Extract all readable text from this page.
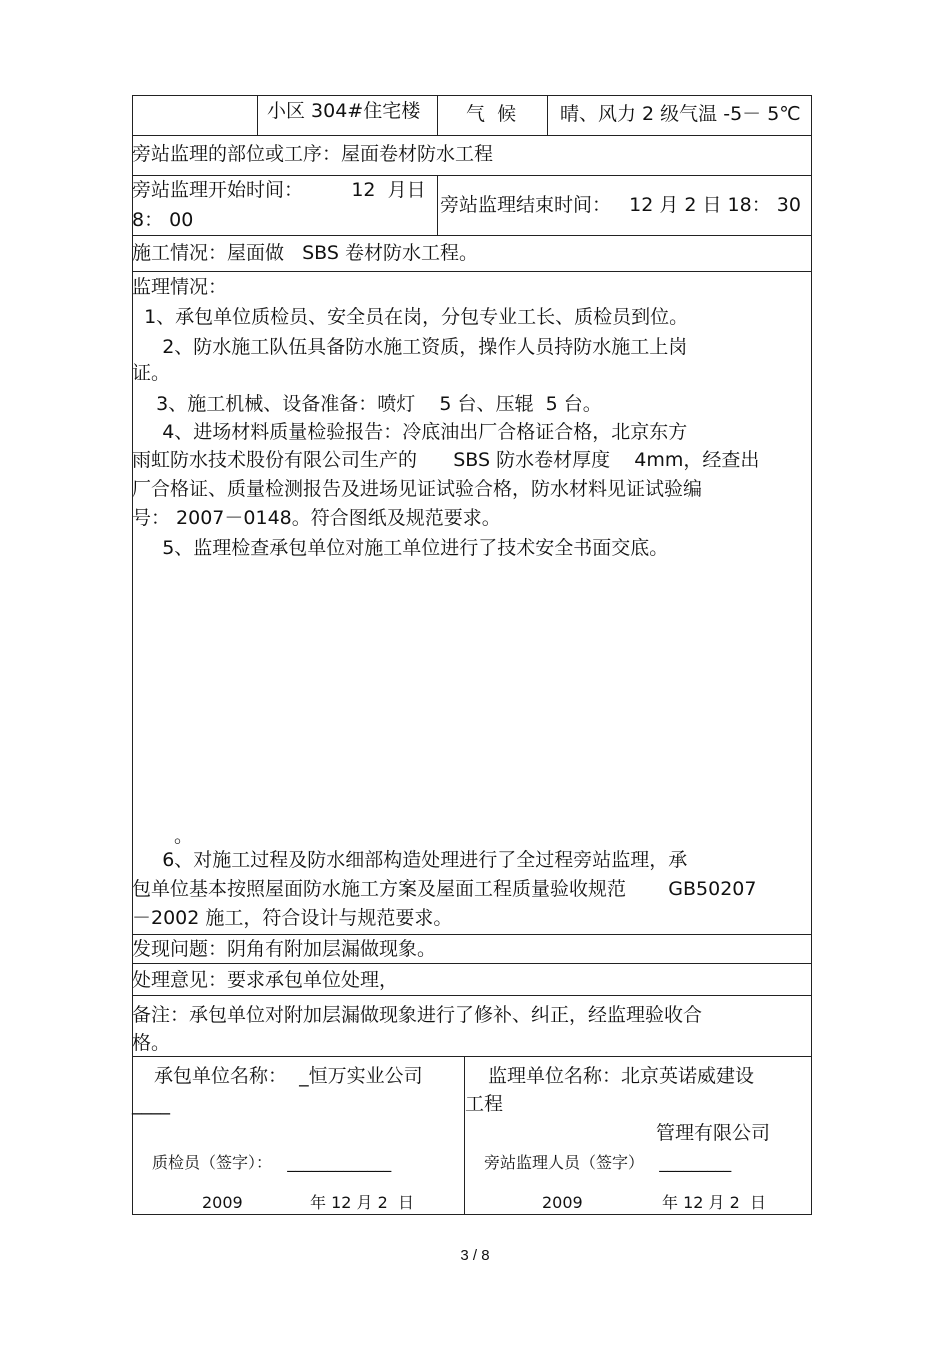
小区 304#住宅楼 气  候 晴、风力 2 级气温 -5－ 5℃
旁站监理的部位或工序：屋面卷材防水工程
旁站监理开始时间：        12  月日
8： 00
旁站监理结束时间：   12 月 2 日 18： 30
施工情况：屋面做   SBS 卷材防水工程。
监理情况：
1、承包单位质检员、安全员在岗，分包专业工长、质检员到位。
2、防水施工队伍具备防水施工资质，操作人员持防水施工上岗
证。
3、施工机械、设备准备：喷灯    5 台、压辊  5 台。
4、进场材料质量检验报告：冷底油出厂合格证合格，北京东方
雨虹防水技术股份有限公司生产的      SBS 防水卷材厚度    4mm，经查出
厂合格证、质量检测报告及进场见证试验合格，防水材料见证试验编
号： 2007－0148。符合图纸及规范要求。
5、监理检查承包单位对施工单位进行了技术安全书面交底。
。
6、对施工过程及防水细部构造处理进行了全过程旁站监理，承
包单位基本按照屋面防水施工方案及屋面工程质量验收规范       GB50207
－2002 施工，符合设计与规范要求。
发现问题：阴角有附加层漏做现象。
处理意见：要求承包单位处理，
备注：承包单位对附加层漏做现象进行了修补、纠正，经监理验收合
格。
承包单位名称：  _恒万实业公司
____
质检员（签字）：   _____________
2009	年 12 月 2  日
监理单位名称：北京英诺威建设
工程
管理有限公司
旁站监理人员（签字）   _________
2009	年 12 月 2  日
3 / 8
